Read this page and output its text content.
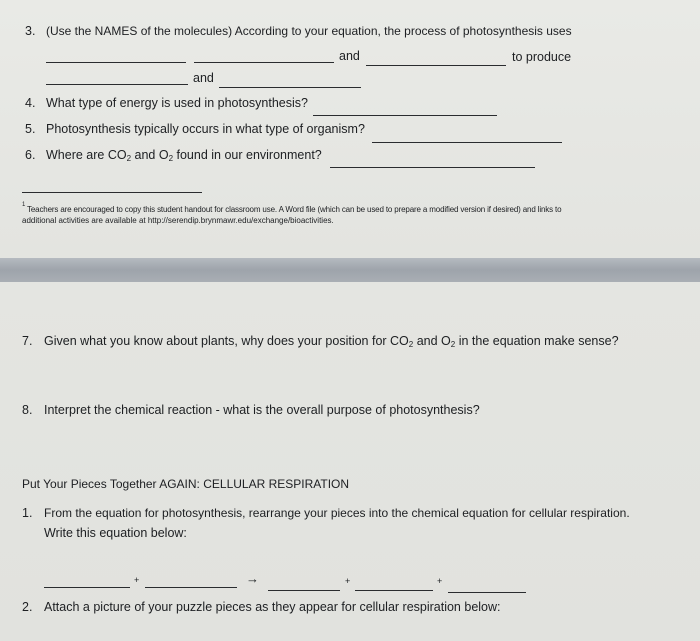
3. (Use the NAMES of the molecules) According to your equation, the process of photosynthesis uses
and	to produce
and
4. What type of energy is used in photosynthesis?
5. Photosynthesis typically occurs in what type of organism?
6. Where are $CO_2$ and $O_2$ found in our environment?
1 Teachers are encouraged to copy this student handout for classroom use. A Word file (which can be used to prepare a modified version if desired) and links to
additional activities are available at http://serendip.brynmawr.edu/exchange/bioactivities.
7. Given what you know about plants, why does your position for $CO_2$ and $O_2$ in the equation make sense?
8. Interpret the chemical reaction - what is the overall purpose of photosynthesis?
Put Your Pieces Together AGAIN: CELLULAR RESPIRATION
1. From the equation for photosynthesis, rearrange your pieces into the chemical equation for cellular respiration.
Write this equation below:
+	→	+	+
2. Attach a picture of your puzzle pieces as they appear for cellular respiration below:
